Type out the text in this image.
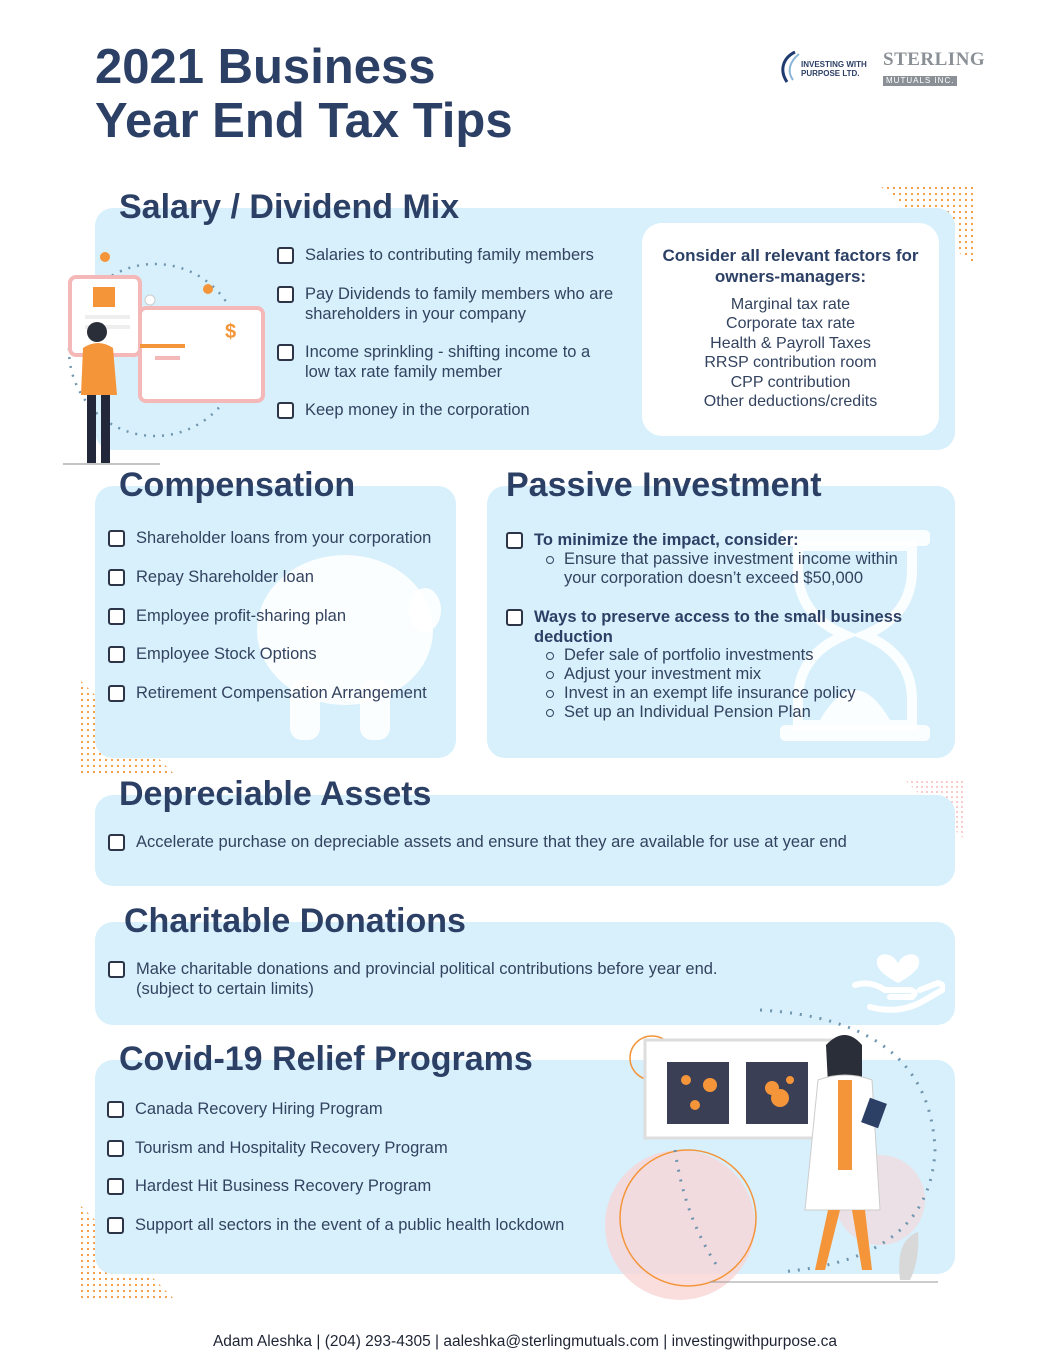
2021 Business
Year End Tax Tips
INVESTING WITH
PURPOSE LTD.
STERLING
MUTUALS INC.
Salary / Dividend Mix
$
Salaries to contributing family members
Pay Dividends to family members who are shareholders in your company
Income sprinkling - shifting income to a low tax rate family member
Keep money in the corporation
Consider all relevant factors for owners-managers:
Marginal tax rate
Corporate tax rate
Health & Payroll Taxes
RRSP contribution room
CPP contribution
Other deductions/credits
Compensation
Shareholder loans from your corporation
Repay Shareholder loan
Employee profit-sharing plan
Employee Stock Options
Retirement Compensation Arrangement
Passive Investment
To minimize the impact, consider:
Ensure that passive investment income within your corporation doesn’t exceed $50,000
Ways to preserve access to the small business deduction
Defer sale of portfolio investments
Adjust your investment mix
Invest in an exempt life insurance policy
Set up an Individual Pension Plan
Depreciable Assets
Accelerate purchase on depreciable assets and ensure that they are available for use at year end
Charitable Donations
Make charitable donations and provincial political contributions before year end.
(subject to certain limits)
Covid-19 Relief Programs
Canada Recovery Hiring Program
Tourism and Hospitality Recovery Program
Hardest Hit Business Recovery Program
Support all sectors in the event of a public health lockdown
Adam Aleshka | (204) 293-4305 | aaleshka@sterlingmutuals.com | investingwithpurpose.ca
